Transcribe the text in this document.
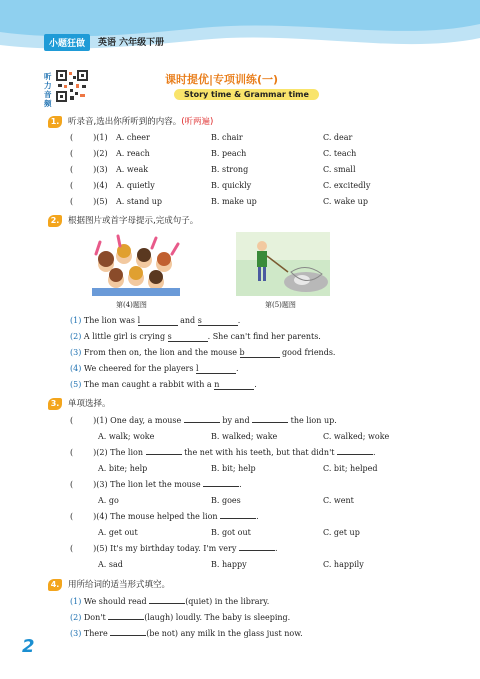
小题狂做	英语 六年级下册
听力音频
课时提优|专项训练(一)
Story time & Grammar time
1. 听录音,选出你所听到的内容。(听两遍)
(	)(1) A. cheer	B. chair	C. dear
(	)(2) A. reach	B. peach	C. teach
(	)(3) A. weak	B. strong	C. small
(	)(4) A. quietly	B. quickly	C. excitedly
(	)(5) A. stand up	B. make up	C. wake up
2. 根据图片或首字母提示,完成句子。
第(4)题图	第(5)题图
(1) The lion was l	and s	.
(2) A little girl is crying s	. She can't find her parents.
(3) From then on, the lion and the mouse b	good friends.
(4) We cheered for the players l	.
(5) The man caught a rabbit with a n	.
3. 单项选择。
(	)(1) One day, a mouse	by and	the lion up.
A. walk; woke	B. walked; wake	C. walked; woke
(	)(2) The lion	the net with his teeth, but that didn't	.
A. bite; help	B. bit; help	C. bit; helped
(	)(3) The lion let the mouse	.
A. go	B. goes	C. went
(	)(4) The mouse helped the lion	.
A. get out	B. got out	C. get up
(	)(5) It's my birthday today. I'm very	.
A. sad	B. happy	C. happily
4. 用所给词的适当形式填空。
(1) We should read	(quiet) in the library.
(2) Don't	(laugh) loudly. The baby is sleeping.
(3) There	(be not) any milk in the glass just now.
2
